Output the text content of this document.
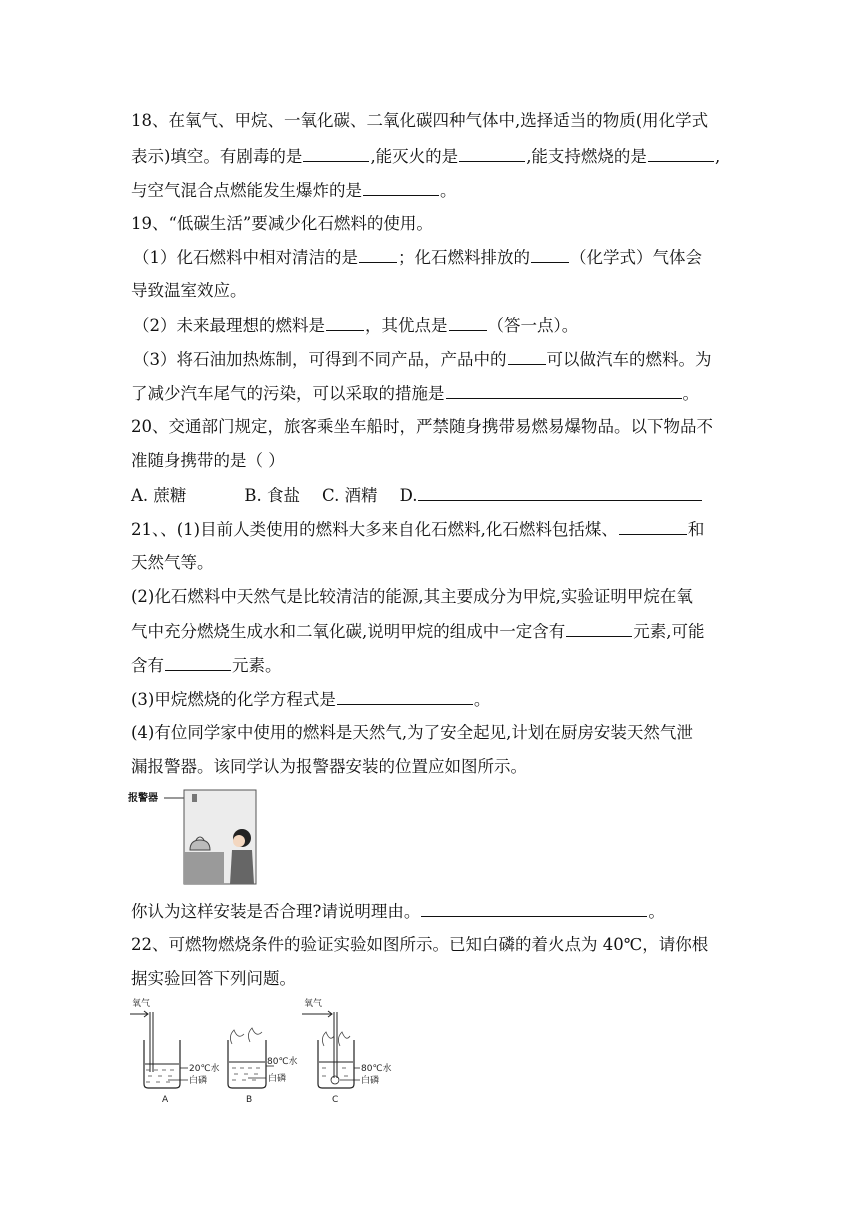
18、在氧气、甲烷、一氧化碳、二氧化碳四种气体中,选择适当的物质(用化学式
表示)填空。有剧毒的是	,能灭火的是	,能支持燃烧的是	,
与空气混合点燃能发生爆炸的是	。
19、“低碳生活”要减少化石燃料的使用。
（1）化石燃料中相对清洁的是 ；化石燃料排放的 （化学式）气体会
导致温室效应。
（2）未来最理想的燃料是 ，其优点是 （答一点）。
（3）将石油加热炼制，可得到不同产品，产品中的 可以做汽车的燃料。为
了减少汽车尾气的污染，可以采取的措施是	。
20、交通部门规定，旅客乘坐车船时，严禁随身携带易燃易爆物品。以下物品不
准随身携带的是（ ）
A. 蔗糖	B. 食盐 C. 酒精 D.
21、、(1)目前人类使用的燃料大多来自化石燃料,化石燃料包括煤、	和
天然气等。
(2)化石燃料中天然气是比较清洁的能源,其主要成分为甲烷,实验证明甲烷在氧
气中充分燃烧生成水和二氧化碳,说明甲烷的组成中一定含有	元素,可能
含有	元素。
(3)甲烷燃烧的化学方程式是	。
(4)有位同学家中使用的燃料是天然气,为了安全起见,计划在厨房安装天然气泄
漏报警器。该同学认为报警器安装的位置应如图所示。
报警器
你认为这样安装是否合理?请说明理由。	。
22、可燃物燃烧条件的验证实验如图所示。已知白磷的着火点为 40℃，请你根
据实验回答下列问题。
氧气
20℃水
白磷
A
80℃水
白磷
B
氧气
80℃水
白磷
C
